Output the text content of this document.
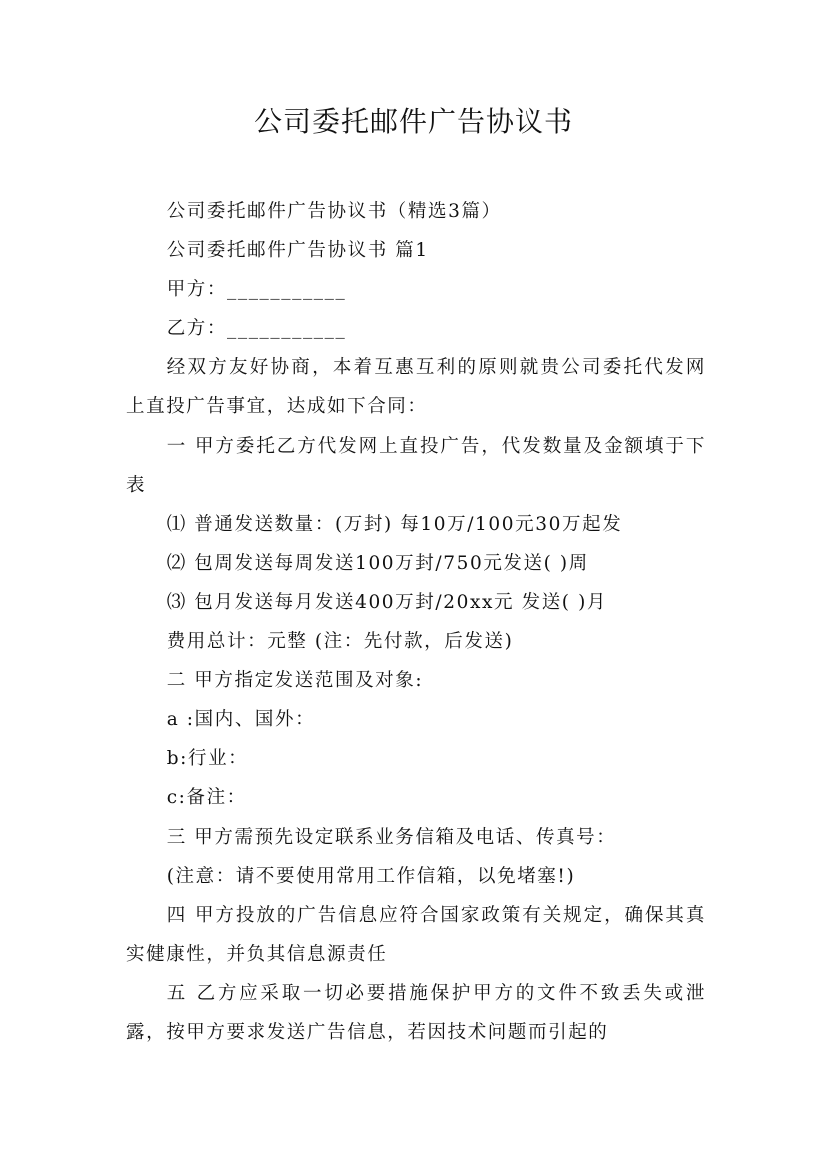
公司委托邮件广告协议书

公司委托邮件广告协议书（精选3篇）

公司委托邮件广告协议书 篇1

甲方：___________

乙方：___________

经双方友好协商，本着互惠互利的原则就贵公司委托代发网上直投广告事宜，达成如下合同：

一 甲方委托乙方代发网上直投广告，代发数量及金额填于下表

⑴ 普通发送数量：(万封) 每10万/100元30万起发

⑵ 包周发送每周发送100万封/750元发送( )周

⑶ 包月发送每月发送400万封/20xx元 发送( )月

费用总计：元整 (注：先付款，后发送)

二 甲方指定发送范围及对象:

a :国内、国外：

b:行业：

c:备注：

三 甲方需预先设定联系业务信箱及电话、传真号：

(注意：请不要使用常用工作信箱，以免堵塞!)

四 甲方投放的广告信息应符合国家政策有关规定，确保其真实健康性，并负其信息源责任

五 乙方应采取一切必要措施保护甲方的文件不致丢失或泄露，按甲方要求发送广告信息，若因技术问题而引起的
